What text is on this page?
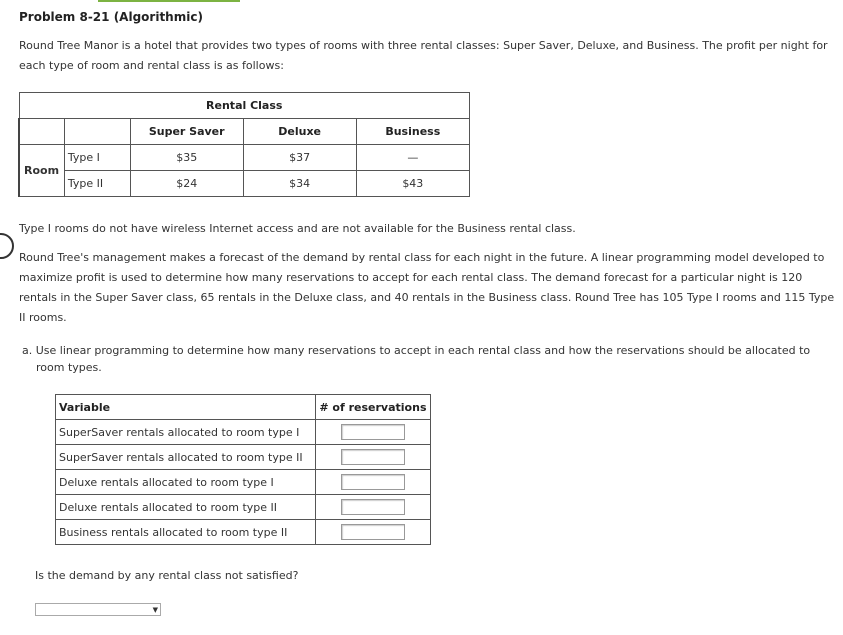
Problem 8-21 (Algorithmic)
Round Tree Manor is a hotel that provides two types of rooms with three rental classes: Super Saver, Deluxe, and Business. The profit per night for each type of room and rental class is as follows:
Rental Class				
		Super Saver	Deluxe	Business
Room	Type I	$35	$37	—
	Type II	$24	$34	$43
Type I rooms do not have wireless Internet access and are not available for the Business rental class.
Round Tree's management makes a forecast of the demand by rental class for each night in the future. A linear programming model developed to maximize profit is used to determine how many reservations to accept for each rental class. The demand forecast for a particular night is 120 rentals in the Super Saver class, 65 rentals in the Deluxe class, and 40 rentals in the Business class. Round Tree has 105 Type I rooms and 115 Type II rooms.
a. Use linear programming to determine how many reservations to accept in each rental class and how the reservations should be allocated to
room types.
Variable	# of reservations
SuperSaver rentals allocated to room type I	

SuperSaver rentals allocated to room type II	

Deluxe rentals allocated to room type I	

Deluxe rentals allocated to room type II	

Business rentals allocated to room type II	
Is the demand by any rental class not satisfied?
▼
